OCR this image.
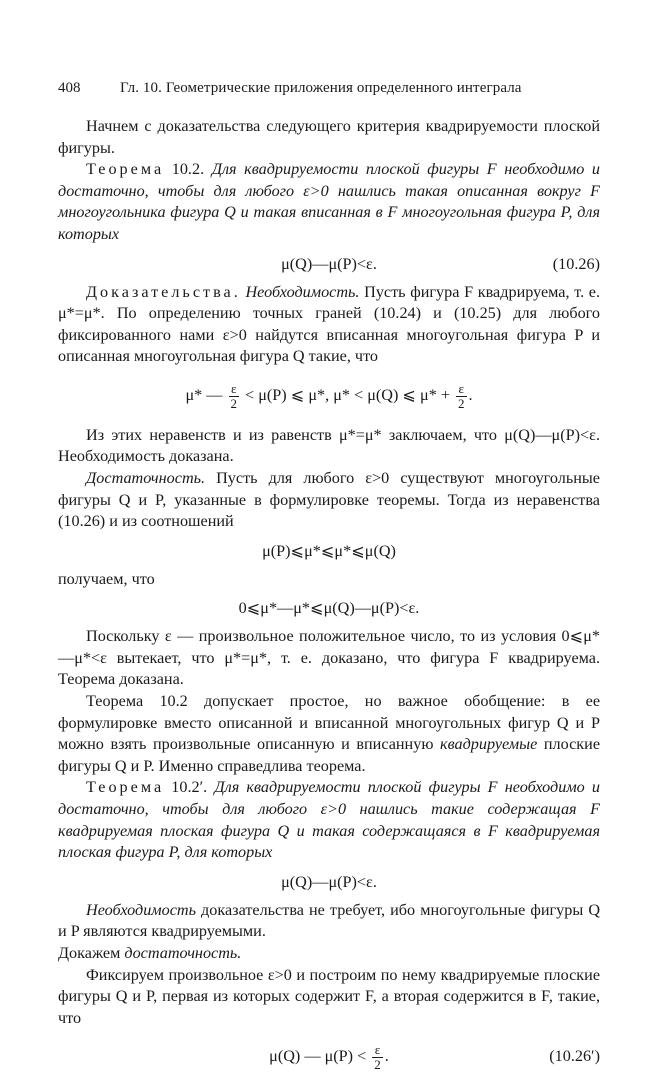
408	Гл. 10. Геометрические приложения определенного интеграла

Начнем с доказательства следующего критерия квадрируемости плоской фигуры.

Теорема 10.2. Для квадрируемости плоской фигуры F необходимо и достаточно, чтобы для любого ε>0 нашлись такая описанная вокруг F многоугольника фигура Q и такая вписанная в F многоугольная фигура P, для которых

μ(Q)—μ(P)<ε.	(10.26)

Доказательства. Необходимость. Пусть фигура F квадрируема, т. е. μ*=μ*. По определению точных граней (10.24) и (10.25) для любого фиксированного нами ε>0 найдутся вписанная многоугольная фигура P и описанная многоугольная фигура Q такие, что

μ* — $\frac{\varepsilon}{2} < \mu(P)$ ⩽ μ*, μ* < μ(Q) ⩽ $\mu* + \frac{\varepsilon}{2}$ .

Из этих неравенств и из равенств μ*=μ* заключаем, что μ(Q)—μ(P)<ε. Необходимость доказана.

Достаточность. Пусть для любого ε>0 существуют многоугольные фигуры Q и P, указанные в формулировке теоремы. Тогда из неравенства (10.26) и из соотношений

μ(P)⩽μ*⩽μ*⩽μ(Q)

получаем, что

0⩽μ*—μ*⩽μ(Q)—μ(P)<ε.

Поскольку ε — произвольное положительное число, то из условия 0⩽μ*—μ*<ε вытекает, что μ*=μ*, т. е. доказано, что фигура F квадрируема. Теорема доказана.

Теорема 10.2 допускает простое, но важное обобщение: в ее формулировке вместо описанной и вписанной многоугольных фигур Q и P можно взять произвольные описанную и вписанную квадрируемые плоские фигуры Q и P. Именно справедлива теорема.

Теорема 10.2′. Для квадрируемости плоской фигуры F необходимо и достаточно, чтобы для любого ε>0 нашлись такие содержащая F квадрируемая плоская фигура Q и такая содержащаяся в F квадрируемая плоская фигура P, для которых

μ(Q)—μ(P)<ε.

Необходимость доказательства не требует, ибо многоугольные фигуры Q и P являются квадрируемыми.

Докажем достаточность.

Фиксируем произвольное ε>0 и построим по нему квадрируемые плоские фигуры Q и P, первая из которых содержит F, а вторая содержится в F, такие, что

μ(Q) — $\mu(P) < \frac{\varepsilon}{2}$ .	(10.26′)
